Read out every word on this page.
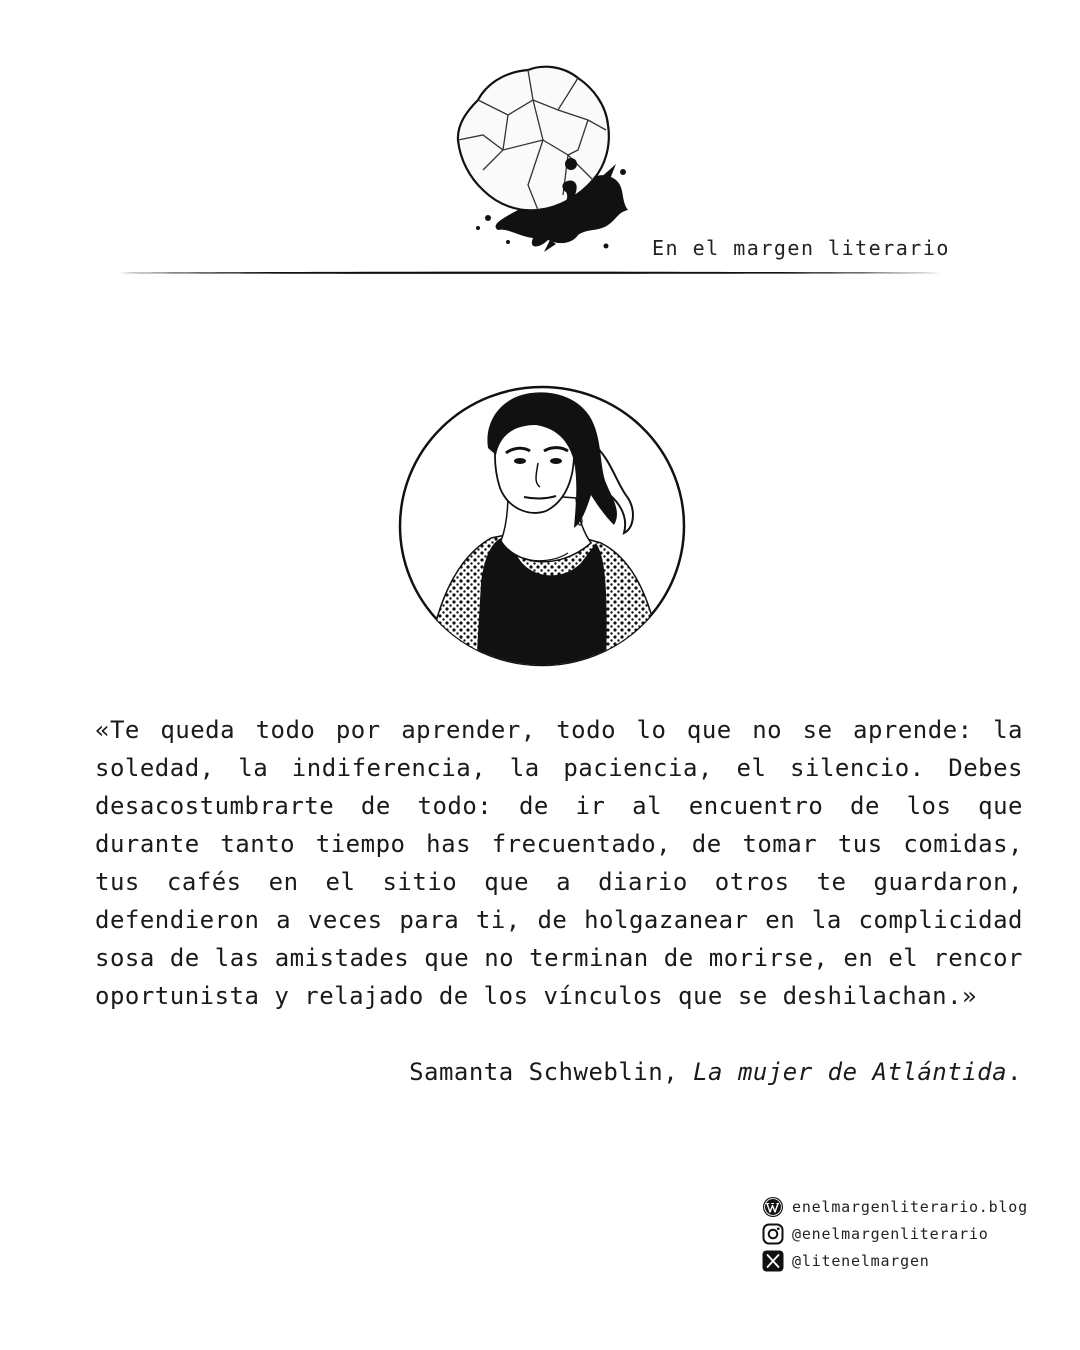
En el margen literario

«Te queda todo por aprender, todo lo que no se aprende: la soledad, la indiferencia, la paciencia, el silencio. Debes desacostumbrarte de todo: de ir al encuentro de los que durante tanto tiempo has frecuentado, de tomar tus comidas, tus cafés en el sitio que a diario otros te guardaron, defendieron a veces para ti, de holgazanear en la complicidad sosa de las amistades que no terminan de morirse, en el rencor oportunista y relajado de los vínculos que se deshilachan.»

Samanta Schweblin, La mujer de Atlántida.
enelmargenliterario.blog
@enelmargenliterario
@litenelmargen
